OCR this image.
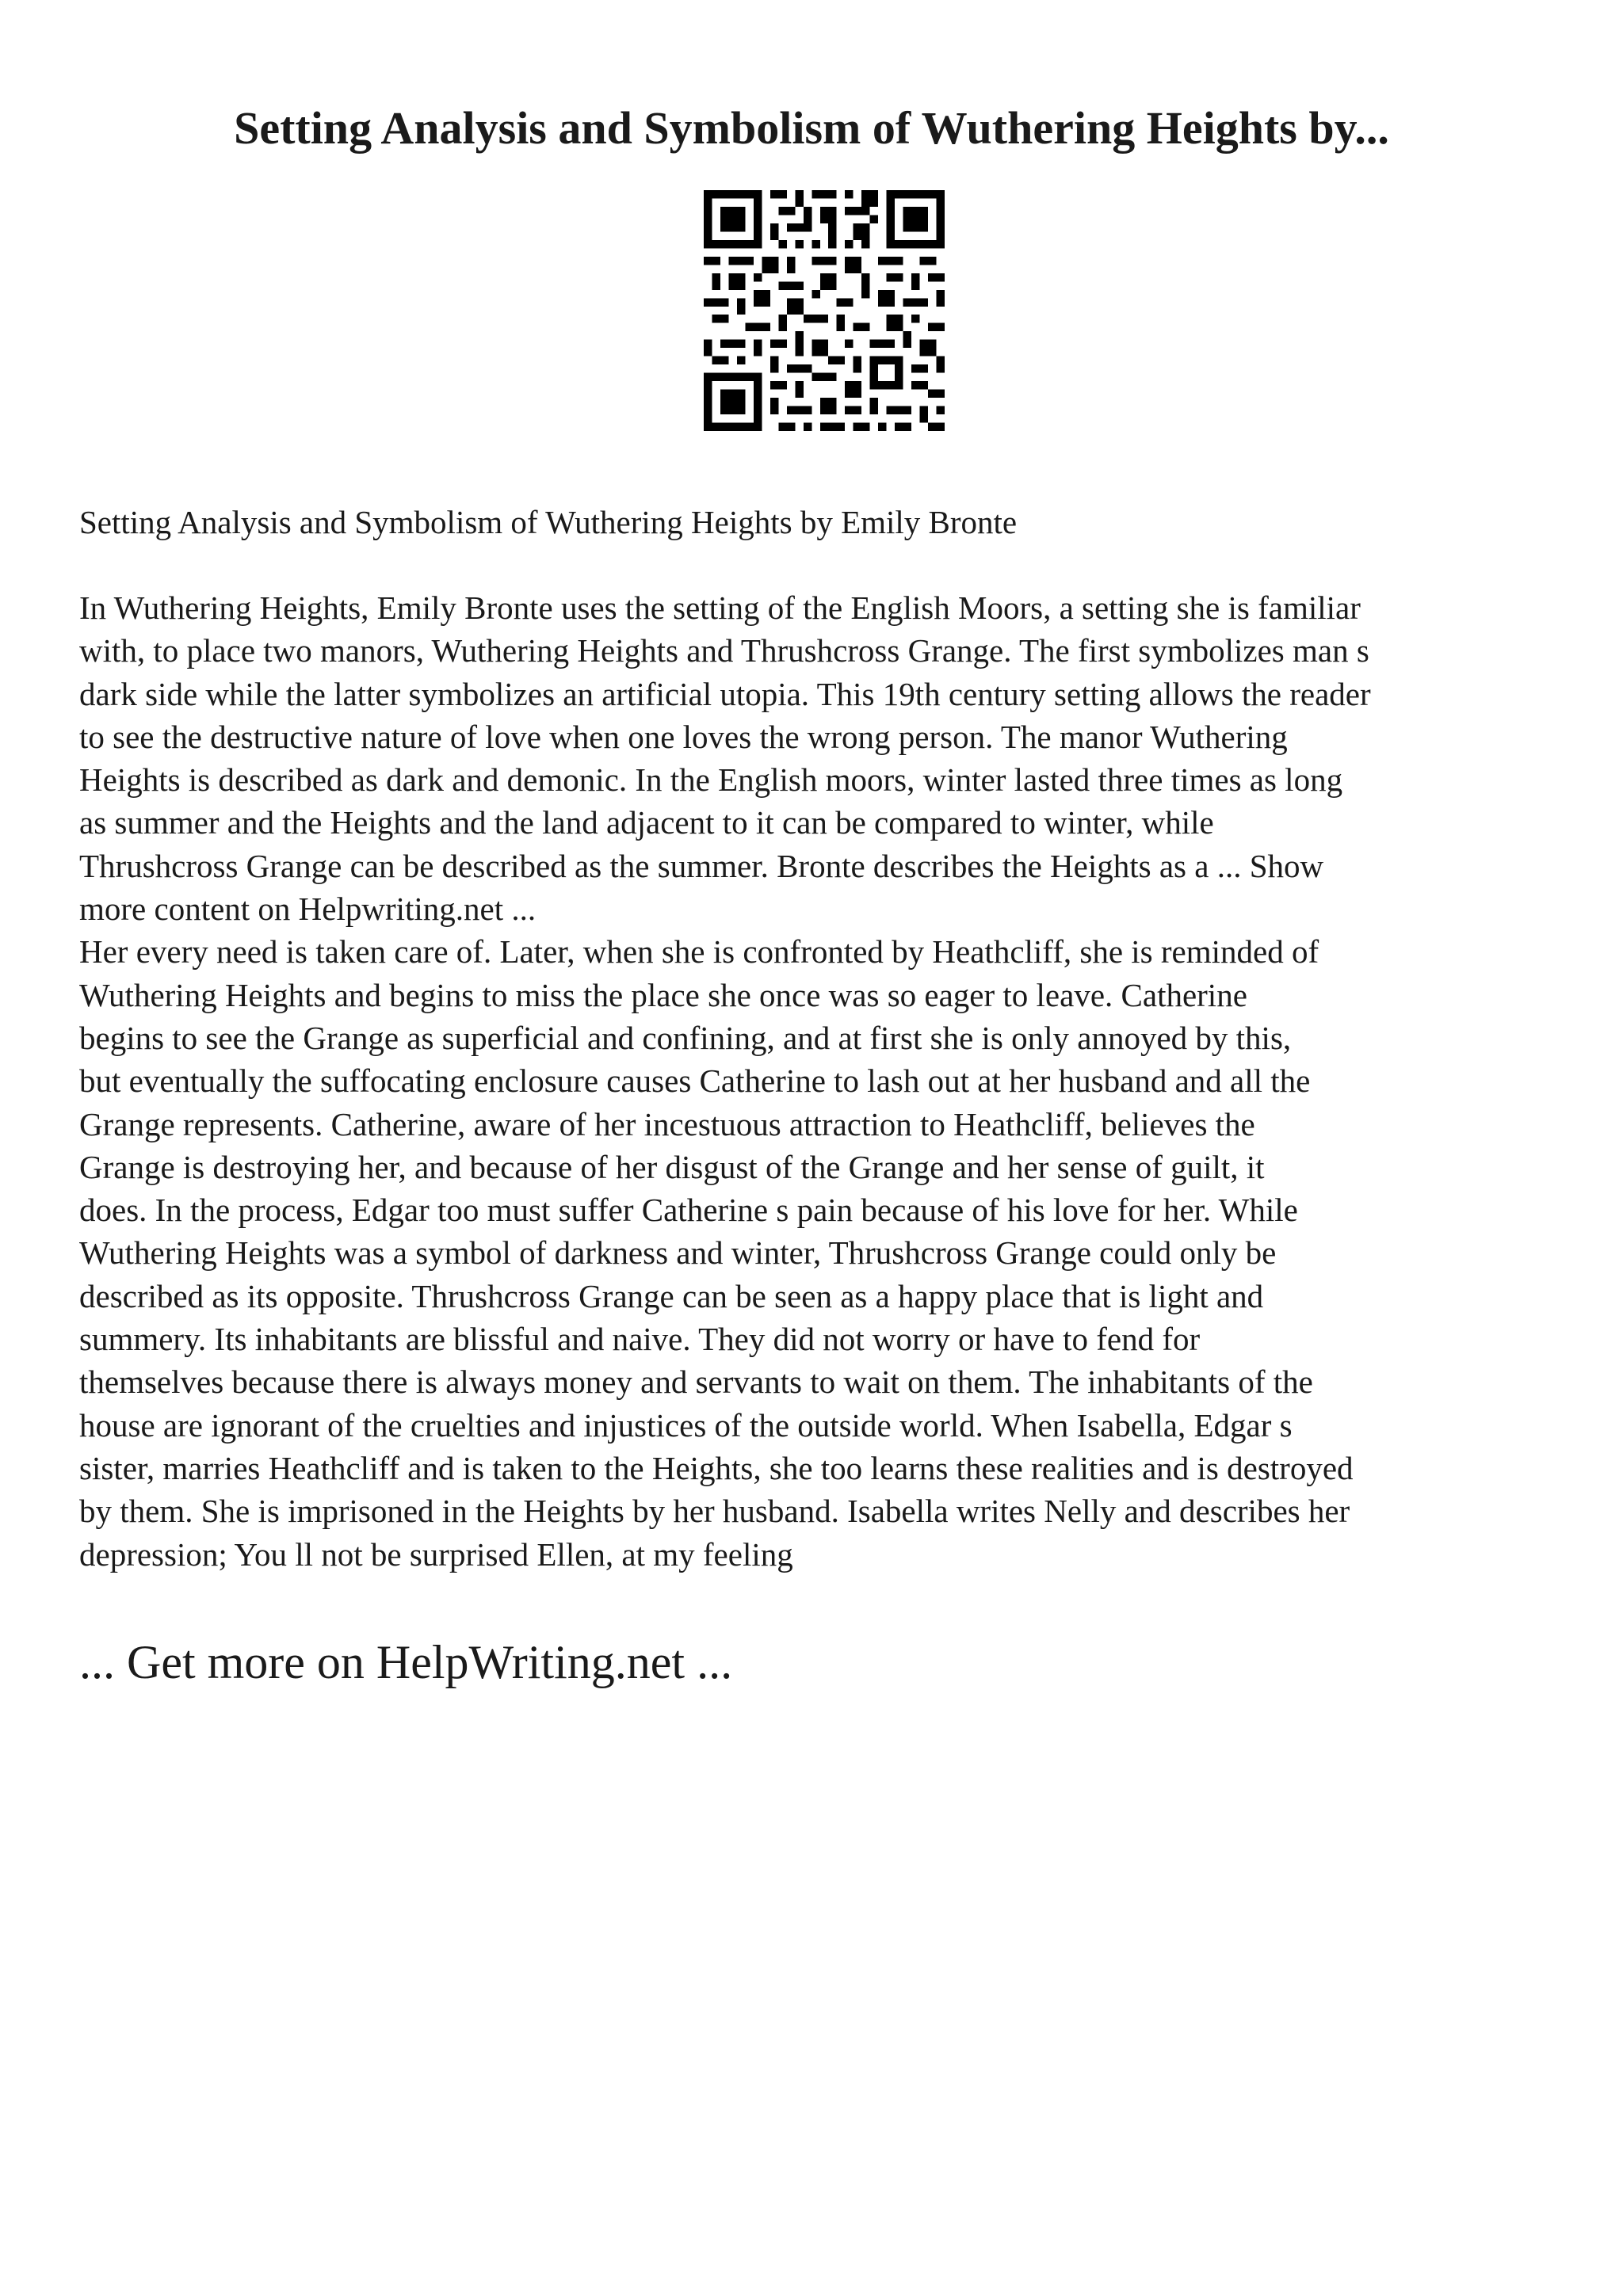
Setting Analysis and Symbolism of Wuthering Heights by...

Setting Analysis and Symbolism of Wuthering Heights by Emily Bronte

In Wuthering Heights, Emily Bronte uses the setting of the English Moors, a setting she is familiar
with, to place two manors, Wuthering Heights and Thrushcross Grange. The first symbolizes man s
dark side while the latter symbolizes an artificial utopia. This 19th century setting allows the reader
to see the destructive nature of love when one loves the wrong person. The manor Wuthering
Heights is described as dark and demonic. In the English moors, winter lasted three times as long
as summer and the Heights and the land adjacent to it can be compared to winter, while
Thrushcross Grange can be described as the summer. Bronte describes the Heights as a ... Show
more content on Helpwriting.net ...
Her every need is taken care of. Later, when she is confronted by Heathcliff, she is reminded of
Wuthering Heights and begins to miss the place she once was so eager to leave. Catherine
begins to see the Grange as superficial and confining, and at first she is only annoyed by this,
but eventually the suffocating enclosure causes Catherine to lash out at her husband and all the
Grange represents. Catherine, aware of her incestuous attraction to Heathcliff, believes the
Grange is destroying her, and because of her disgust of the Grange and her sense of guilt, it
does. In the process, Edgar too must suffer Catherine s pain because of his love for her. While
Wuthering Heights was a symbol of darkness and winter, Thrushcross Grange could only be
described as its opposite. Thrushcross Grange can be seen as a happy place that is light and
summery. Its inhabitants are blissful and naive. They did not worry or have to fend for
themselves because there is always money and servants to wait on them. The inhabitants of the
house are ignorant of the cruelties and injustices of the outside world. When Isabella, Edgar s
sister, marries Heathcliff and is taken to the Heights, she too learns these realities and is destroyed
by them. She is imprisoned in the Heights by her husband. Isabella writes Nelly and describes her
depression; You ll not be surprised Ellen, at my feeling

... Get more on HelpWriting.net ...
